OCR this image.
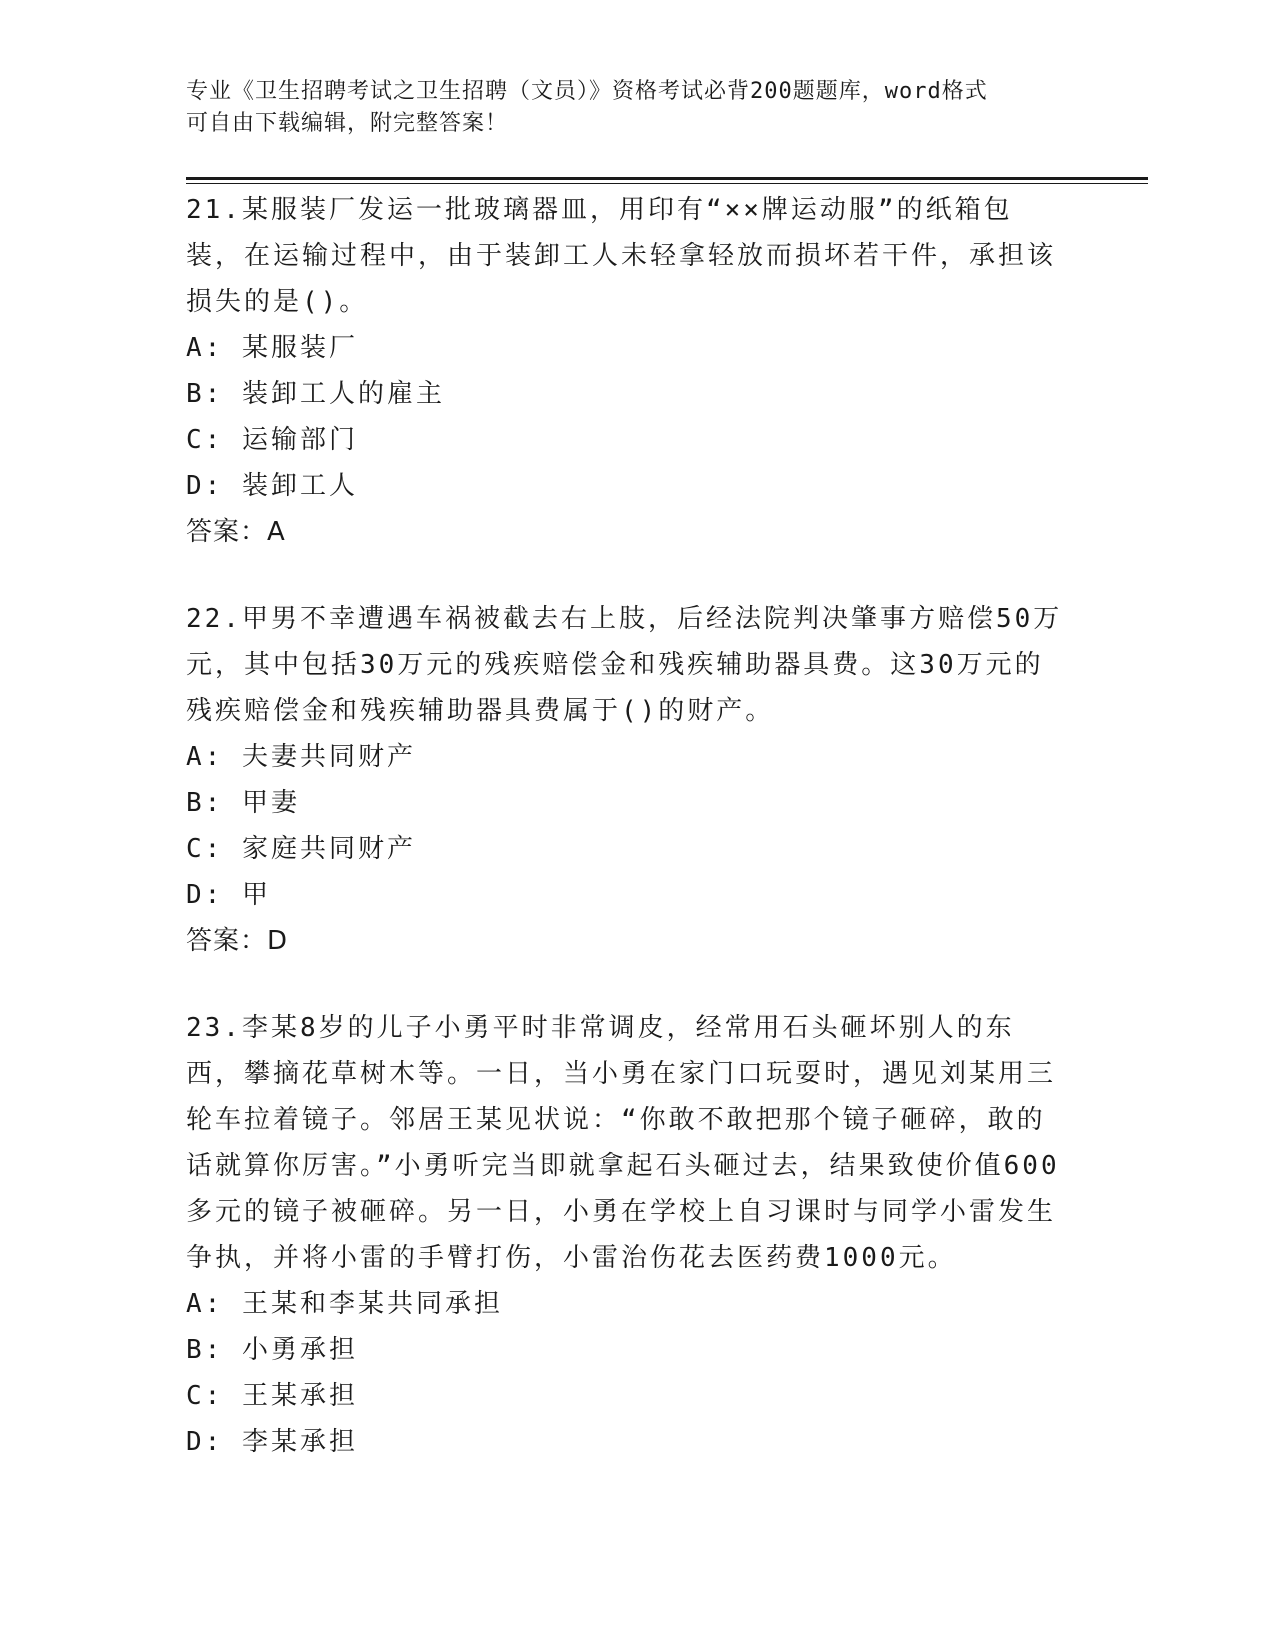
专业《卫生招聘考试之卫生招聘（文员）》资格考试必背200题题库，word格式
可自由下载编辑，附完整答案！

21.某服装厂发运一批玻璃器皿，用印有“××牌运动服”的纸箱包装，在运输过程中，由于装卸工人未轻拿轻放而损坏若干件，承担该损失的是()。

A: 某服装厂

B: 装卸工人的雇主

C: 运输部门

D: 装卸工人

答案：A

22.甲男不幸遭遇车祸被截去右上肢，后经法院判决肇事方赔偿50万元，其中包括30万元的残疾赔偿金和残疾辅助器具费。这30万元的残疾赔偿金和残疾辅助器具费属于()的财产。

A: 夫妻共同财产

B: 甲妻

C: 家庭共同财产

D: 甲

答案：D

23.李某8岁的儿子小勇平时非常调皮，经常用石头砸坏别人的东西，攀摘花草树木等。一日，当小勇在家门口玩耍时，遇见刘某用三轮车拉着镜子。邻居王某见状说：“你敢不敢把那个镜子砸碎，敢的话就算你厉害。”小勇听完当即就拿起石头砸过去，结果致使价值600多元的镜子被砸碎。另一日，小勇在学校上自习课时与同学小雷发生争执，并将小雷的手臂打伤，小雷治伤花去医药费1000元。

A: 王某和李某共同承担

B: 小勇承担

C: 王某承担

D: 李某承担
